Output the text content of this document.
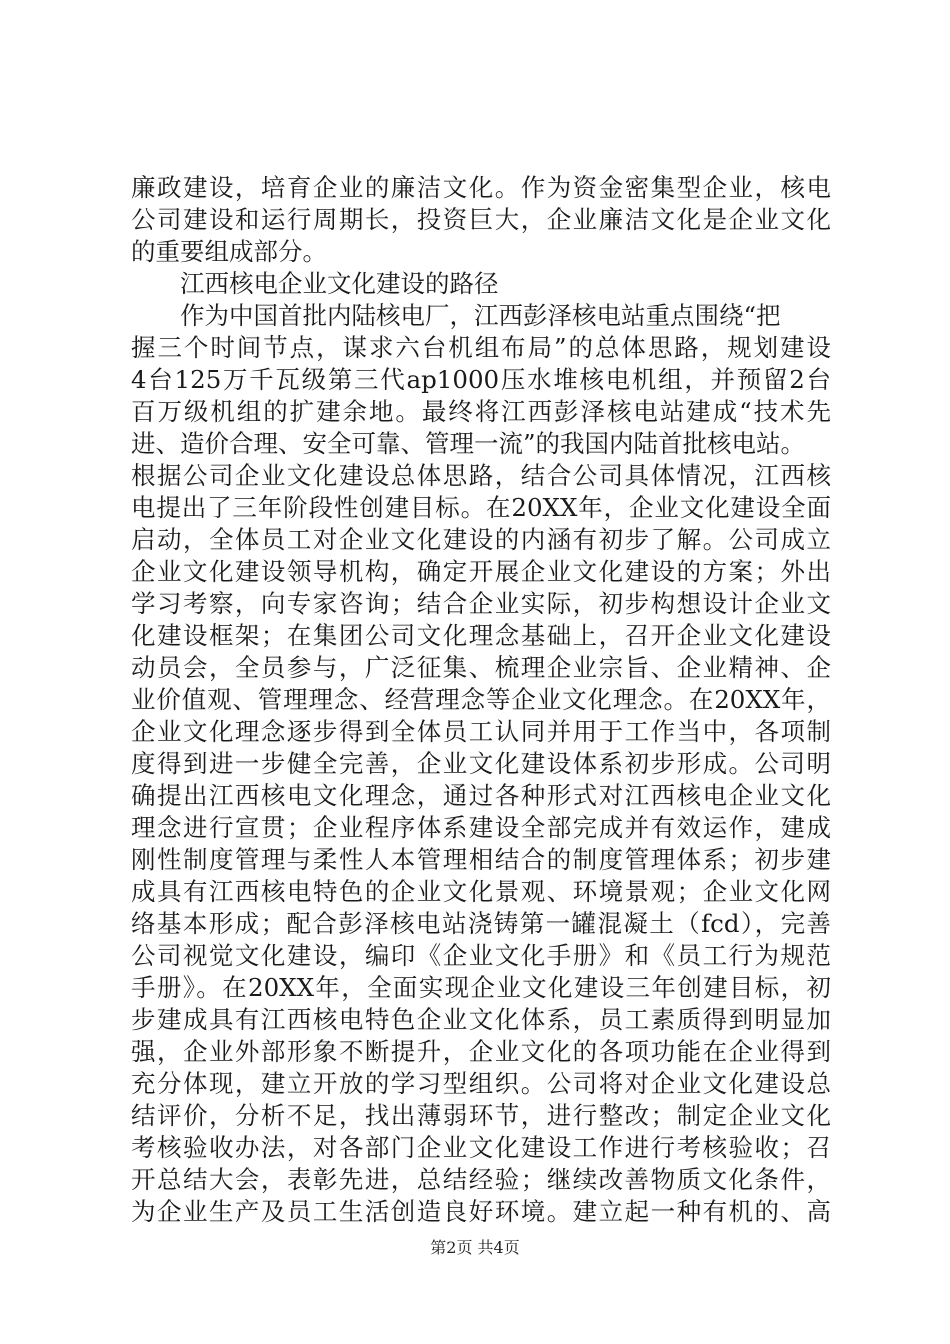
廉政建设，培育企业的廉洁文化。作为资金密集型企业，核电
公司建设和运行周期长，投资巨大，企业廉洁文化是企业文化
的重要组成部分。
江西核电企业文化建设的路径
作为中国首批内陆核电厂，江西彭泽核电站重点围绕“把
握三个时间节点，谋求六台机组布局”的总体思路，规划建设
4台125万千瓦级第三代ap1000压水堆核电机组，并预留2台
百万级机组的扩建余地。最终将江西彭泽核电站建成“技术先
进、造价合理、安全可靠、管理一流”的我国内陆首批核电站。
根据公司企业文化建设总体思路，结合公司具体情况，江西核
电提出了三年阶段性创建目标。在20XX年，企业文化建设全面
启动，全体员工对企业文化建设的内涵有初步了解。公司成立
企业文化建设领导机构，确定开展企业文化建设的方案；外出
学习考察，向专家咨询；结合企业实际，初步构想设计企业文
化建设框架；在集团公司文化理念基础上，召开企业文化建设
动员会，全员参与，广泛征集、梳理企业宗旨、企业精神、企
业价值观、管理理念、经营理念等企业文化理念。在20XX年，
企业文化理念逐步得到全体员工认同并用于工作当中，各项制
度得到进一步健全完善，企业文化建设体系初步形成。公司明
确提出江西核电文化理念，通过各种形式对江西核电企业文化
理念进行宣贯；企业程序体系建设全部完成并有效运作，建成
刚性制度管理与柔性人本管理相结合的制度管理体系；初步建
成具有江西核电特色的企业文化景观、环境景观；企业文化网
络基本形成；配合彭泽核电站浇铸第一罐混凝土（fcd），完善
公司视觉文化建设，编印《企业文化手册》和《员工行为规范
手册》。在20XX年，全面实现企业文化建设三年创建目标，初
步建成具有江西核电特色企业文化体系，员工素质得到明显加
强，企业外部形象不断提升，企业文化的各项功能在企业得到
充分体现，建立开放的学习型组织。公司将对企业文化建设总
结评价，分析不足，找出薄弱环节，进行整改；制定企业文化
考核验收办法，对各部门企业文化建设工作进行考核验收；召
开总结大会，表彰先进，总结经验；继续改善物质文化条件，
为企业生产及员工生活创造良好环境。建立起一种有机的、高
第2页 共4页
